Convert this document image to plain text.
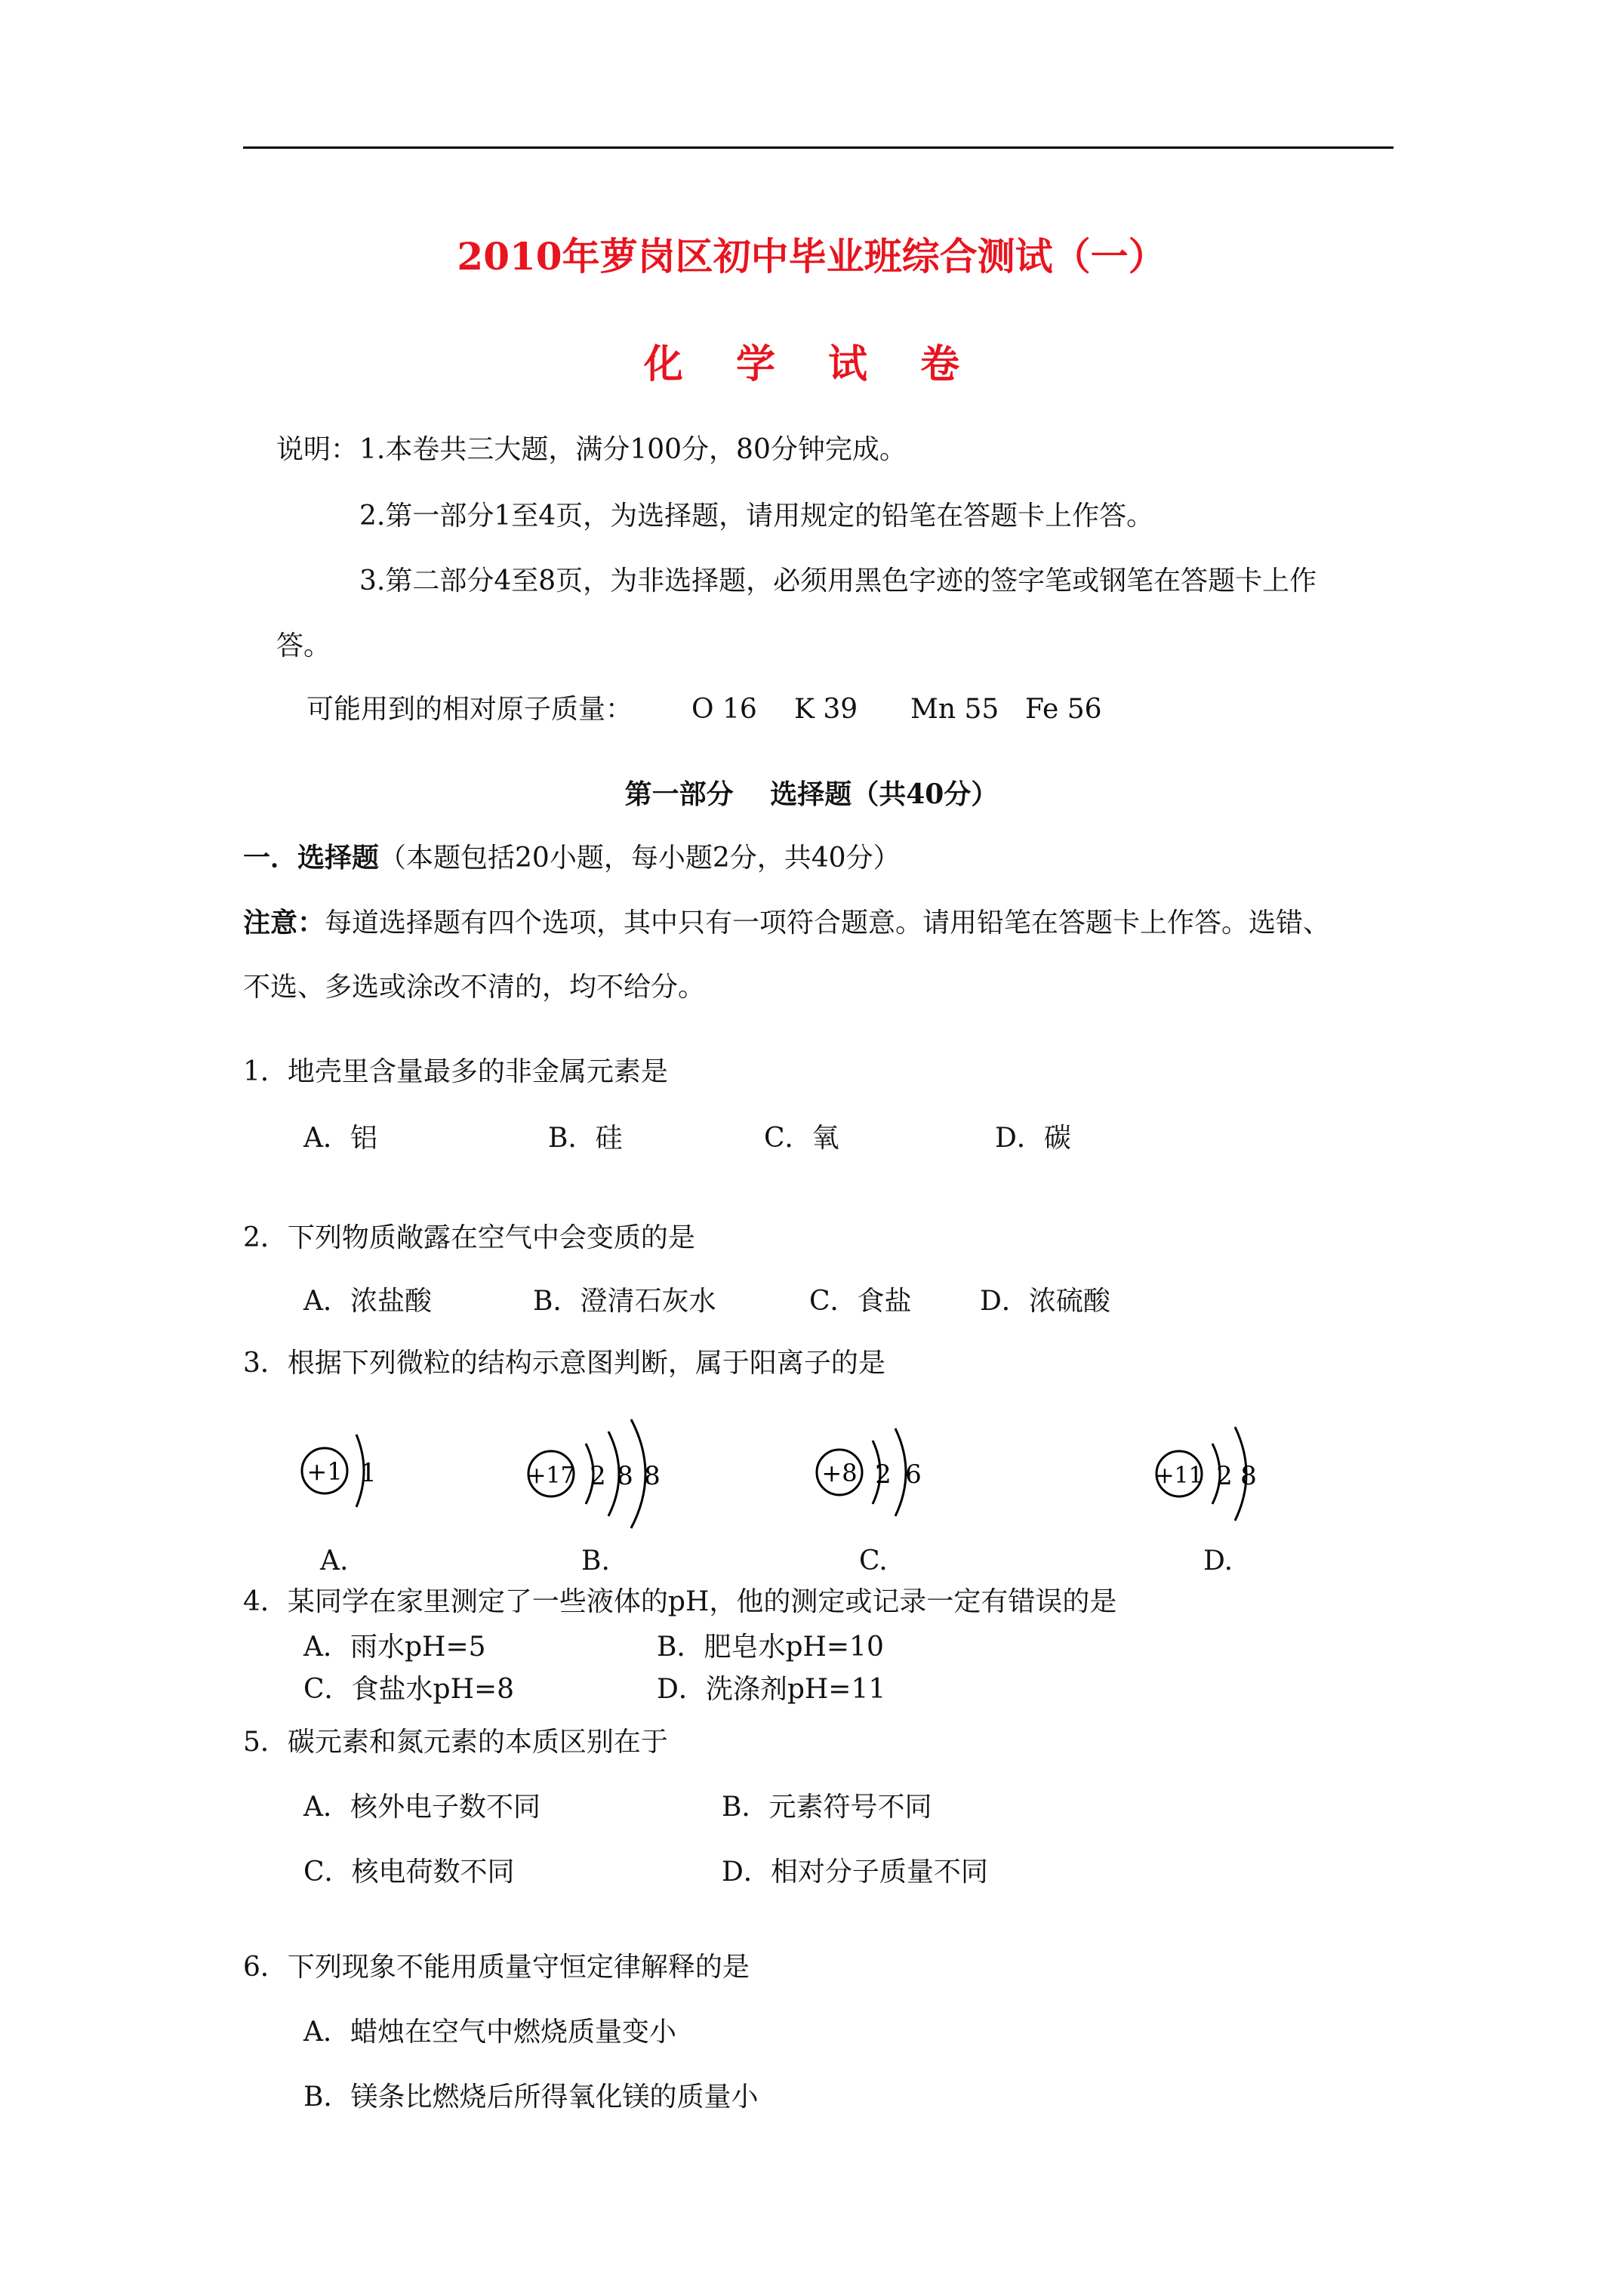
2010年萝岗区初中毕业班综合测试（一）
化 学 试 卷
说明： 1.本卷共三大题，满分100分，80分钟完成。
2.第一部分1至4页，为选择题，请用规定的铅笔在答题卡上作答。
3.第二部分4至8页，为非选择题，必须用黑色字迹的签字笔或钢笔在答题卡上作
答。
可能用到的相对原子质量： O 16 K 39 Mn 55 Fe 56
第一部分　 选择题（共40分）
一．选择题（本题包括20小题，每小题2分，共40分）
注意：每道选择题有四个选项，其中只有一项符合题意。请用铅笔在答题卡上作答。选错、
不选、多选或涂改不清的，均不给分。
1．地壳里含量最多的非金属元素是
A．铝	B．硅	C．氧	D．碳
2．下列物质敞露在空气中会变质的是
A．浓盐酸	B．澄清石灰水	C．食盐	D．浓硫酸
3．根据下列微粒的结构示意图判断，属于阳离子的是
+1 1	+17 2 8 8	+8 2 6	+11 2 8
A.	B.	C.	D.
4．某同学在家里测定了一些液体的pH，他的测定或记录一定有错误的是
A．雨水pH=5	B．肥皂水pH=10
C．食盐水pH=8	D．洗涤剂pH=11
5．碳元素和氮元素的本质区别在于
A．核外电子数不同	B．元素符号不同
C．核电荷数不同	D．相对分子质量不同
6．下列现象不能用质量守恒定律解释的是
A．蜡烛在空气中燃烧质量变小
B．镁条比燃烧后所得氧化镁的质量小
